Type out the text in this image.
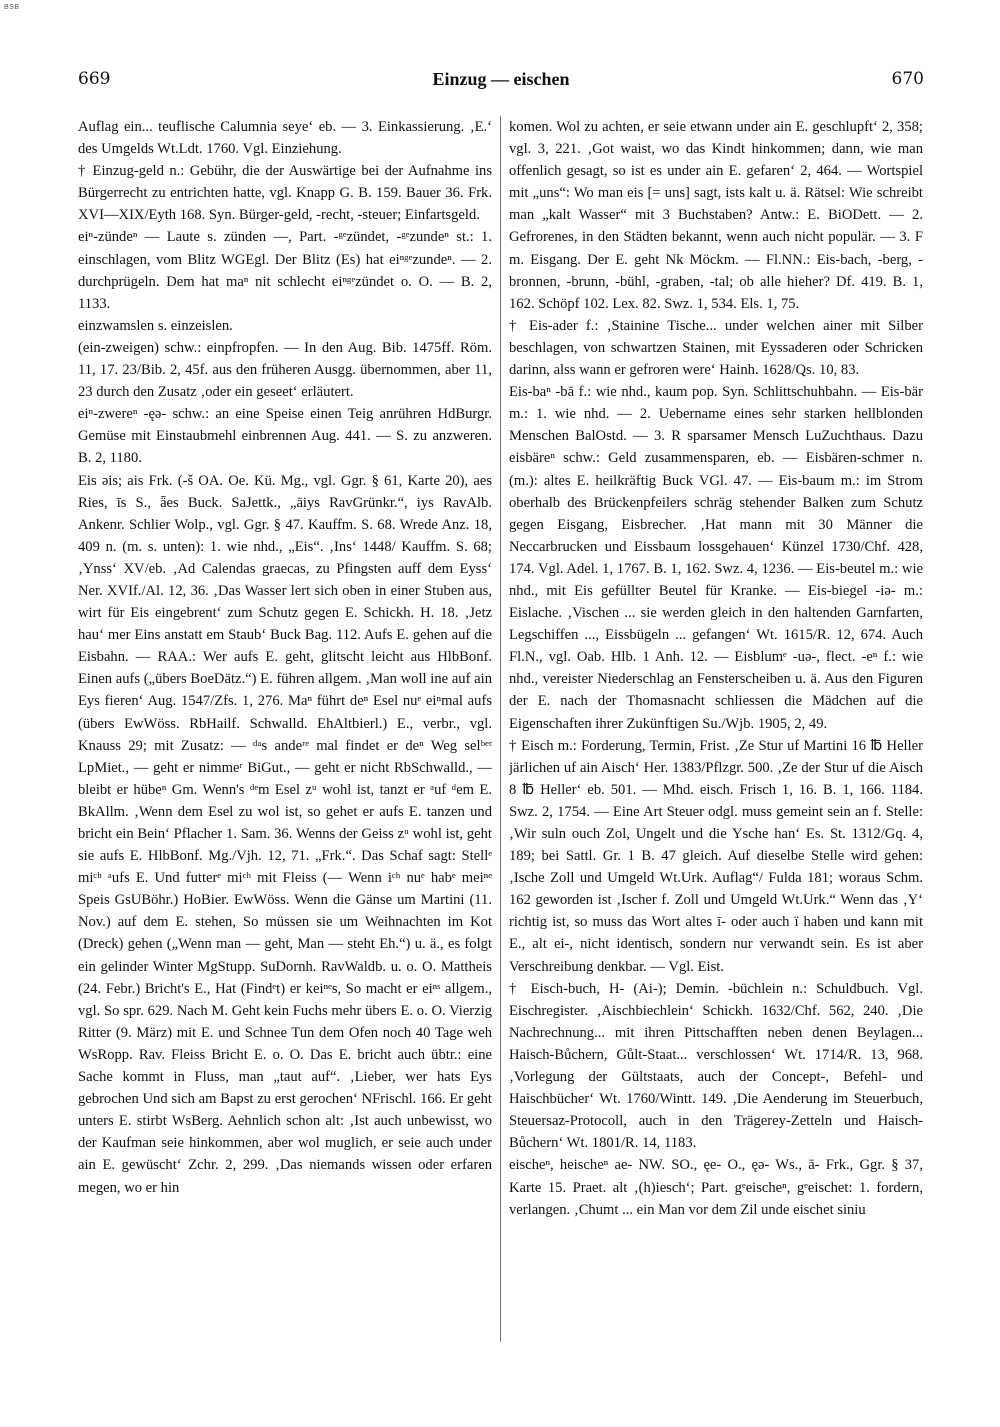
BSB
669	Einzug — eischen	670

Auflag ein... teuflische Calumnia seye‘ eb. — 3. Einkassierung. ‚E.‘ des Umgelds Wt.Ldt. 1760. Vgl. Einziehung.

† Einzug-geld n.: Gebühr, die der Auswärtige bei der Aufnahme ins Bürgerrecht zu entrichten hatte, vgl. Knapp G. B. 159. Bauer 36. Frk. XVI—XIX/Eyth 168. Syn. Bürger-geld, -recht, -steuer; Einfartsgeld.

eiⁿ-zündeⁿ — Laute s. zünden —, Part. -ᵍᵉzündet, -ᵍᵉzundeⁿ st.: 1. einschlagen, vom Blitz WGEgl. Der Blitz (Es) hat eiⁿᵍᵉzundeⁿ. — 2. durchprügeln. Dem hat maⁿ nit schlecht eiⁿᵍᵉzündet o. O. — B. 2, 1133.

einzwamslen s. einzeislen.

(ein-zweigen) schw.: einpfropfen. — In den Aug. Bib. 1475ff. Röm. 11, 17. 23/Bib. 2, 45f. aus den früheren Ausgg. übernommen, aber 11, 23 durch den Zusatz ‚oder ein geseet‘ erläutert.

eiⁿ-zwereⁿ -ęə- schw.: an eine Speise einen Teig anrühren HdBurgr. Gemüse mit Einstaubmehl einbrennen Aug. 441. — S. zu anzweren. B. 2, 1180.

Eis əis; ais Frk. (-š OA. Oe. Kü. Mg., vgl. Ggr. § 61, Karte 20), aes Ries, īs S., ǟes Buck. SaJettk., „āiys RavGrünkr.“, iys RavAlb. Ankenr. Schlier Wolp., vgl. Ggr. § 47. Kauffm. S. 68. Wrede Anz. 18, 409 n. (m. s. unten): 1. wie nhd., „Eis“. ‚Ins‘ 1448/ Kauffm. S. 68; ‚Ynss‘ XV/eb. ‚Ad Calendas graecas, zu Pfingsten auff dem Eyss‘ Ner. XVIf./Al. 12, 36. ‚Das Wasser lert sich oben in einer Stuben aus, wirt für Eis eingebrent‘ zum Schutz gegen E. Schickh. H. 18. ‚Jetz hau‘ mer Eins anstatt em Staub‘ Buck Bag. 112. Aufs E. gehen auf die Eisbahn. — RAA.: Wer aufs E. geht, glitscht leicht aus HlbBonf. Einen aufs („übers BoeDätz.“) E. führen allgem. ‚Man woll ine auf ain Eys fieren‘ Aug. 1547/Zfs. 1, 276. Maⁿ führt deⁿ Esel nuᵉ eiⁿmal aufs (übers EwWöss. RbHailf. Schwalld. EhAltbierl.) E., verbr., vgl. Knauss 29; mit Zusatz: — ᵈᵃs andeʳᵉ mal findet er deⁿ Weg selᵇᵉʳ LpMiet., — geht er nimmeʳ BiGut., — geht er nicht RbSchwalld., — bleibt er hübeⁿ Gm. Wenn's ᵈᵉm Esel zᵘ wohl ist, tanzt er ᵃuf ᵈem E. BkAllm. ‚Wenn dem Esel zu wol ist, so gehet er aufs E. tanzen und bricht ein Bein‘ Pflacher 1. Sam. 36. Wenns der Geiss zᵘ wohl ist, geht sie aufs E. HlbBonf. Mg./Vjh. 12, 71. „Frk.“. Das Schaf sagt: Stellᵉ miᶜʰ ᵃufs E. Und futterᵉ miᶜʰ mit Fleiss (— Wenn iᶜʰ nuᵉ habᵉ meiⁿᵉ Speis GsUBöhr.) HoBier. EwWöss. Wenn die Gänse um Martini (11. Nov.) auf dem E. stehen, So müssen sie um Weihnachten im Kot (Dreck) gehen („Wenn man — geht, Man — steht Eh.“) u. ä., es folgt ein gelinder Winter MgStupp. SuDornh. RavWaldb. u. o. O. Mattheis (24. Febr.) Bricht's E., Hat (Findᵉt) er keiⁿᵉs, So macht er eiⁿˢ allgem., vgl. So spr. 629. Nach M. Geht kein Fuchs mehr übers E. o. O. Vierzig Ritter (9. März) mit E. und Schnee Tun dem Ofen noch 40 Tage weh WsRopp. Rav. Fleiss Bricht E. o. O. Das E. bricht auch übtr.: eine Sache kommt in Fluss, man „taut auf“. ‚Lieber, wer hats Eys gebrochen Und sich am Bapst zu erst gerochen‘ NFrischl. 166. Er geht unters E. stirbt WsBerg. Aehnlich schon alt: ‚Ist auch unbewisst, wo der Kaufman seie hinkommen, aber wol muglich, er seie auch under ain E. gewüscht‘ Zchr. 2, 299. ‚Das niemands wissen oder erfaren megen, wo er hin

komen. Wol zu achten, er seie etwann under ain E. geschlupft‘ 2, 358; vgl. 3, 221. ‚Got waist, wo das Kindt hinkommen; dann, wie man offenlich gesagt, so ist es under ain E. gefaren‘ 2, 464. — Wortspiel mit „uns“: Wo man eis [= uns] sagt, ists kalt u. ä. Rätsel: Wie schreibt man „kalt Wasser“ mit 3 Buchstaben? Antw.: E. BiODett. — 2. Gefrorenes, in den Städten bekannt, wenn auch nicht populär. — 3. F m. Eisgang. Der E. geht Nk Möckm. — Fl.NN.: Eis-bach, -berg, -bronnen, -brunn, -bühl, -graben, -tal; ob alle hieher? Df. 419. B. 1, 162. Schöpf 102. Lex. 82. Swz. 1, 534. Els. 1, 75.

† Eis-ader f.: ‚Stainine Tische... under welchen ainer mit Silber beschlagen, von schwartzen Stainen, mit Eyssaderen oder Schricken darinn, alss wann er gefroren were‘ Hainh. 1628/Qs. 10, 83.

Eis-baⁿ -bā f.: wie nhd., kaum pop. Syn. Schlittschuhbahn. — Eis-bär m.: 1. wie nhd. — 2. Uebername eines sehr starken hellblonden Menschen BalOstd. — 3. R sparsamer Mensch LuZuchthaus. Dazu eisbäreⁿ schw.: Geld zusammensparen, eb. — Eisbären-schmer n. (m.): altes E. heilkräftig Buck VGl. 47. — Eis-baum m.: im Strom oberhalb des Brückenpfeilers schräg stehender Balken zum Schutz gegen Eisgang, Eisbrecher. ‚Hat mann mit 30 Männer die Neccarbrucken und Eissbaum lossgehauen‘ Künzel 1730/Chf. 428, 174. Vgl. Adel. 1, 1767. B. 1, 162. Swz. 4, 1236. — Eis-beutel m.: wie nhd., mit Eis gefüllter Beutel für Kranke. — Eis-biegel -iə- m.: Eislache. ‚Vischen ... sie werden gleich in den haltenden Garnfarten, Legschiffen ..., Eissbügeln ... gefangen‘ Wt. 1615/R. 12, 674. Auch Fl.N., vgl. Oab. Hlb. 1 Anh. 12. — Eisblumᵉ -uə-, flect. -eⁿ f.: wie nhd., vereister Niederschlag an Fensterscheiben u. ä. Aus den Figuren der E. nach der Thomasnacht schliessen die Mädchen auf die Eigenschaften ihrer Zukünftigen Su./Wjb. 1905, 2, 49.

† Eisch m.: Forderung, Termin, Frist. ‚Ze Stur uf Martini 16 ℔ Heller järlichen uf ain Aisch‘ Her. 1383/Pflzgr. 500. ‚Ze der Stur uf die Aisch 8 ℔ Heller‘ eb. 501. — Mhd. eisch. Frisch 1, 16. B. 1, 166. 1184. Swz. 2, 1754. — Eine Art Steuer odgl. muss gemeint sein an f. Stelle: ‚Wir suln ouch Zol, Ungelt und die Ysche han‘ Es. St. 1312/Gq. 4, 189; bei Sattl. Gr. 1 B. 47 gleich. Auf dieselbe Stelle wird gehen: ‚Ische Zoll und Umgeld Wt.Urk. Auflag“/ Fulda 181; woraus Schm. 162 geworden ist ‚Ischer f. Zoll und Umgeld Wt.Urk.“ Wenn das ‚Y‘ richtig ist, so muss das Wort altes ī- oder auch ï haben und kann mit E., alt ei-, nicht identisch, sondern nur verwandt sein. Es ist aber Verschreibung denkbar. — Vgl. Eist.

† Eisch-buch, H- (Ai-); Demin. -büchlein n.: Schuldbuch. Vgl. Eischregister. ‚Aischbiechlein‘ Schickh. 1632/Chf. 562, 240. ‚Die Nachrechnung... mit ihren Pittschafften neben denen Beylagen... Haisch-Bůchern, Gůlt-Staat... verschlossen‘ Wt. 1714/R. 13, 968. ‚Vorlegung der Gültstaats, auch der Concept-, Befehl- und Haischbücher‘ Wt. 1760/Wintt. 149. ‚Die Aenderung im Steuerbuch, Steuersaz-Protocoll, auch in den Trägerey-Zetteln und Haisch-Bůchern‘ Wt. 1801/R. 14, 1183.

eischeⁿ, heischeⁿ ae- NW. SO., ęe- O., ęə- Ws., ā- Frk., Ggr. § 37, Karte 15. Praet. alt ‚(h)iesch‘; Part. gᵉeischeⁿ, gᵉeischet: 1. fordern, verlangen. ‚Chumt ... ein Man vor dem Zil unde eischet siniu
